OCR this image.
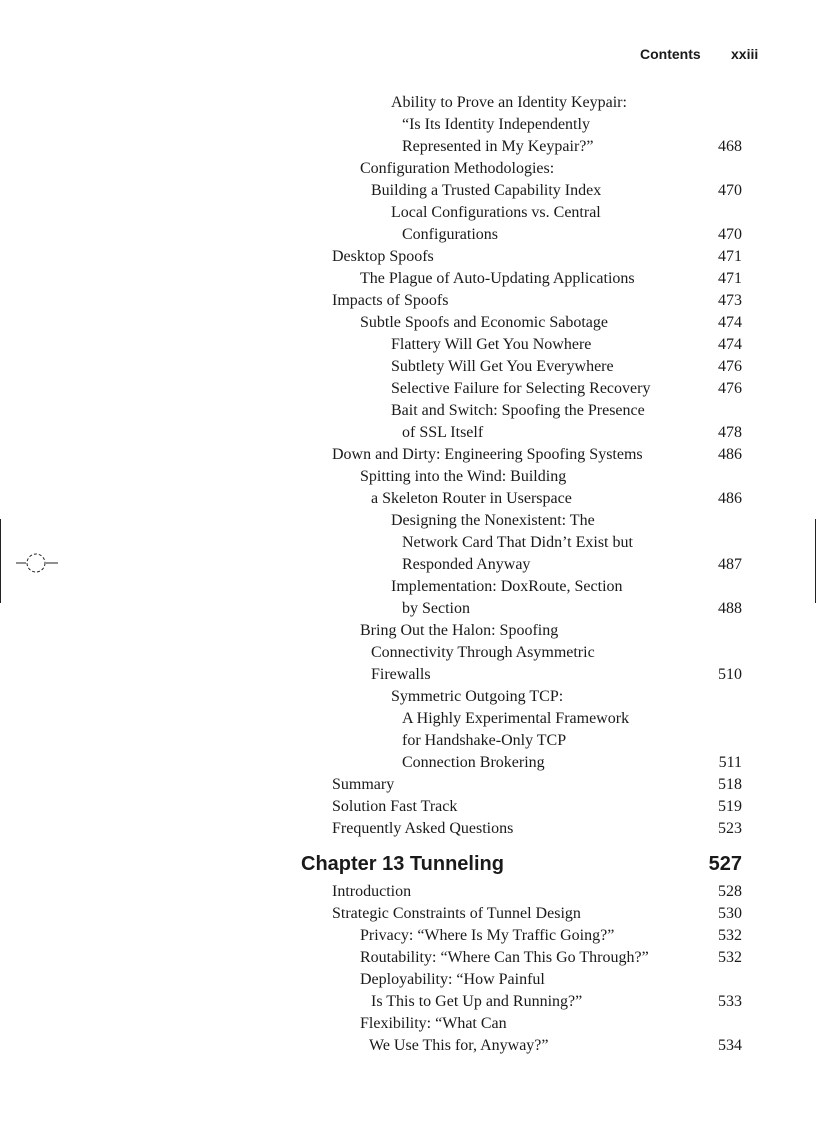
Contents xxiii
Ability to Prove an Identity Keypair:
“Is Its Identity Independently
Represented in My Keypair?”	468
Configuration Methodologies:
Building a Trusted Capability Index	470
Local Configurations vs. Central
Configurations	470
Desktop Spoofs	471
The Plague of Auto-Updating Applications	471
Impacts of Spoofs	473
Subtle Spoofs and Economic Sabotage	474
Flattery Will Get You Nowhere	474
Subtlety Will Get You Everywhere	476
Selective Failure for Selecting Recovery	476
Bait and Switch: Spoofing the Presence
of SSL Itself	478
Down and Dirty: Engineering Spoofing Systems	486
Spitting into the Wind: Building
a Skeleton Router in Userspace	486
Designing the Nonexistent: The
Network Card That Didn’t Exist but
Responded Anyway	487
Implementation: DoxRoute, Section
by Section	488
Bring Out the Halon: Spoofing
Connectivity Through Asymmetric
Firewalls	510
Symmetric Outgoing TCP:
A Highly Experimental Framework
for Handshake-Only TCP
Connection Brokering	511
Summary	518
Solution Fast Track	519
Frequently Asked Questions	523
Chapter 13 Tunneling	527
Introduction	528
Strategic Constraints of Tunnel Design	530
Privacy: “Where Is My Traffic Going?”	532
Routability: “Where Can This Go Through?”	532
Deployability: “How Painful
Is This to Get Up and Running?”	533
Flexibility: “What Can
We Use This for, Anyway?”	534
